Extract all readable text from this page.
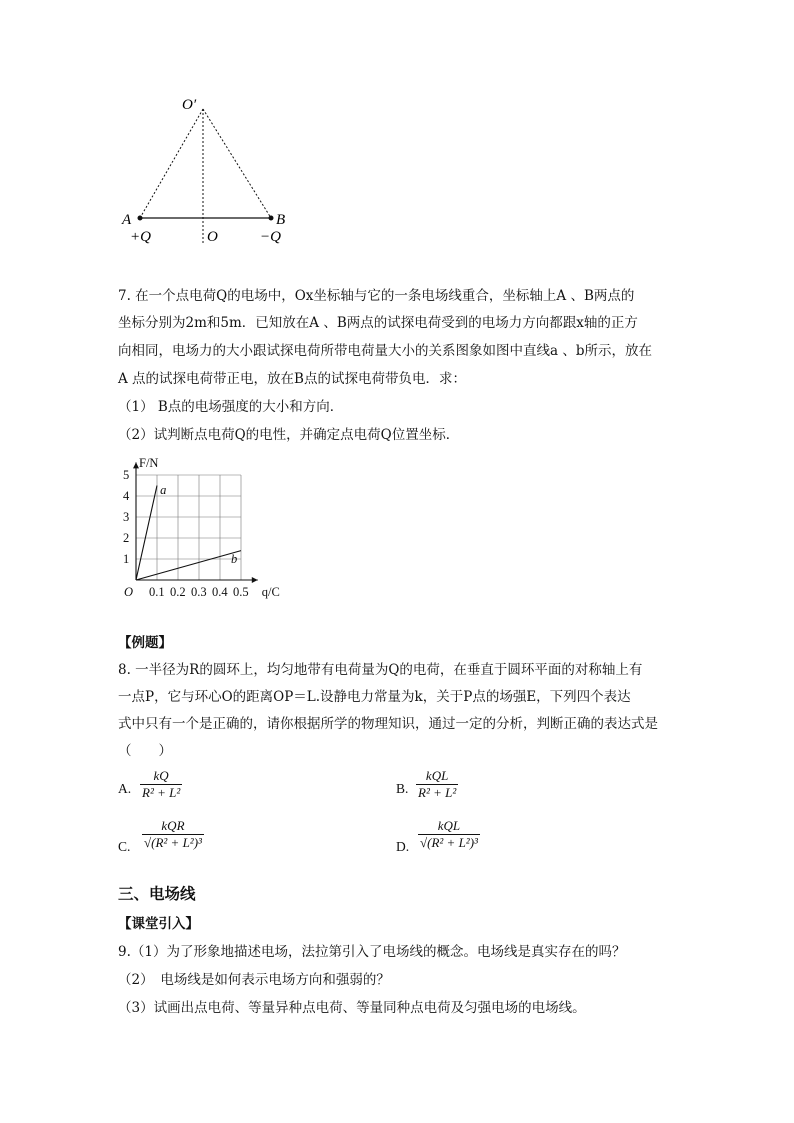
O′
A	B
+Q	O	−Q
7. 在一个点电荷Q的电场中，Ox坐标轴与它的一条电场线重合，坐标轴上A 、B两点的
坐标分别为2m和5m．已知放在A 、B两点的试探电荷受到的电场力方向都跟x轴的正方
向相同，电场力的大小跟试探电荷所带电荷量大小的关系图象如图中直线a 、b所示，放在
A 点的试探电荷带正电，放在B点的试探电荷带负电．求：
（1） B点的电场强度的大小和方向．
（2）试判断点电荷Q的电性，并确定点电荷Q位置坐标．
0.1 0.2 0.3 0.4 0.5
1
2
3
4
5
O	q/C
F/N
a
b
【例题】
8. 一半径为R的圆环上，均匀地带有电荷量为Q的电荷，在垂直于圆环平面的对称轴上有
一点P，它与环心O的距离OP＝L.设静电力常量为k，关于P点的场强E，下列四个表达
式中只有一个是正确的，请你根据所学的物理知识，通过一定的分析，判断正确的表达式是
（　　）
A. $\frac{kQ}{\text{R² + L²}}$	B.
kQL
R² + L²
C.
kQR
√(R² + L²)³	D.
kQL
√(R² + L²)³
三、电场线
【课堂引入】
9.（1）为了形象地描述电场，法拉第引入了电场线的概念。电场线是真实存在的吗？
（2）　电场线是如何表示电场方向和强弱的？
（3）试画出点电荷、等量异种点电荷、等量同种点电荷及匀强电场的电场线。
